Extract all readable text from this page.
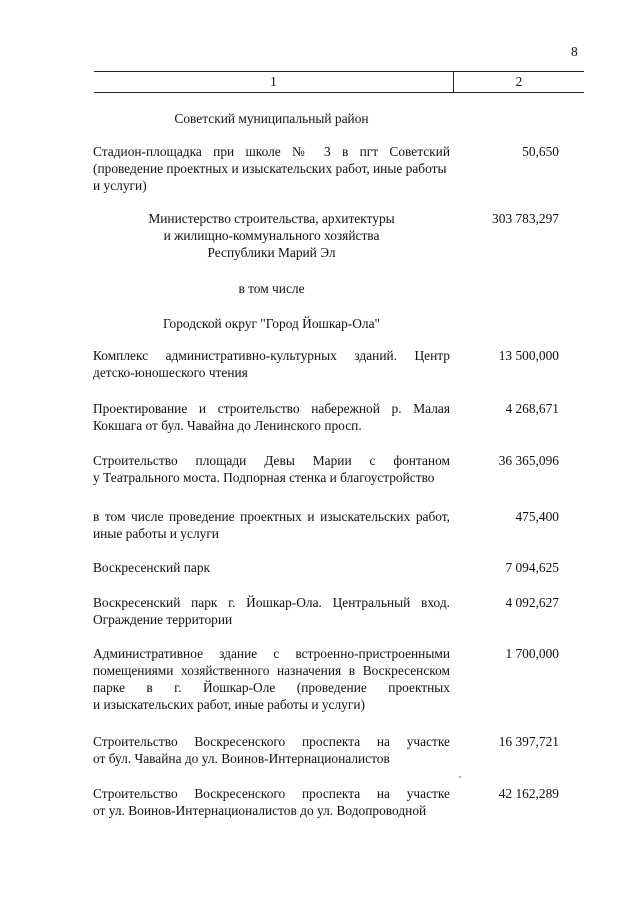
8
1	2
Советский муниципальный район
Стадион-площадка при школе № 3 в пгт Советский
(проведение проектных и изыскательских работ, иные работы
и услуги)
50,650
Министерство строительства, архитектуры
и жилищно-коммунального хозяйства
Республики Марий Эл
303 783,297
в том числе
Городской округ "Город Йошкар-Ола"
Комплекс административно-культурных зданий. Центр
детско-юношеского чтения
13 500,000
Проектирование и строительство набережной р. Малая
Кокшага от бул. Чавайна до Ленинского просп.
4 268,671
Строительство площади Девы Марии с фонтаном
у Театрального моста. Подпорная стенка и благоустройство
36 365,096
в том числе проведение проектных и изыскательских работ,
иные работы и услуги
475,400
Воскресенский парк	7 094,625
Воскресенский парк г. Йошкар-Ола. Центральный вход.
Ограждение территории
4 092,627
Административное здание с встроенно-пристроенными
помещениями хозяйственного назначения в Воскресенском
парке в г. Йошкар-Оле (проведение проектных
и изыскательских работ, иные работы и услуги)
1 700,000
Строительство Воскресенского проспекта на участке
от бул. Чавайна до ул. Воинов-Интернационалистов
16 397,721
Строительство Воскресенского проспекта на участке
от ул. Воинов-Интернационалистов до ул. Водопроводной
42 162,289
